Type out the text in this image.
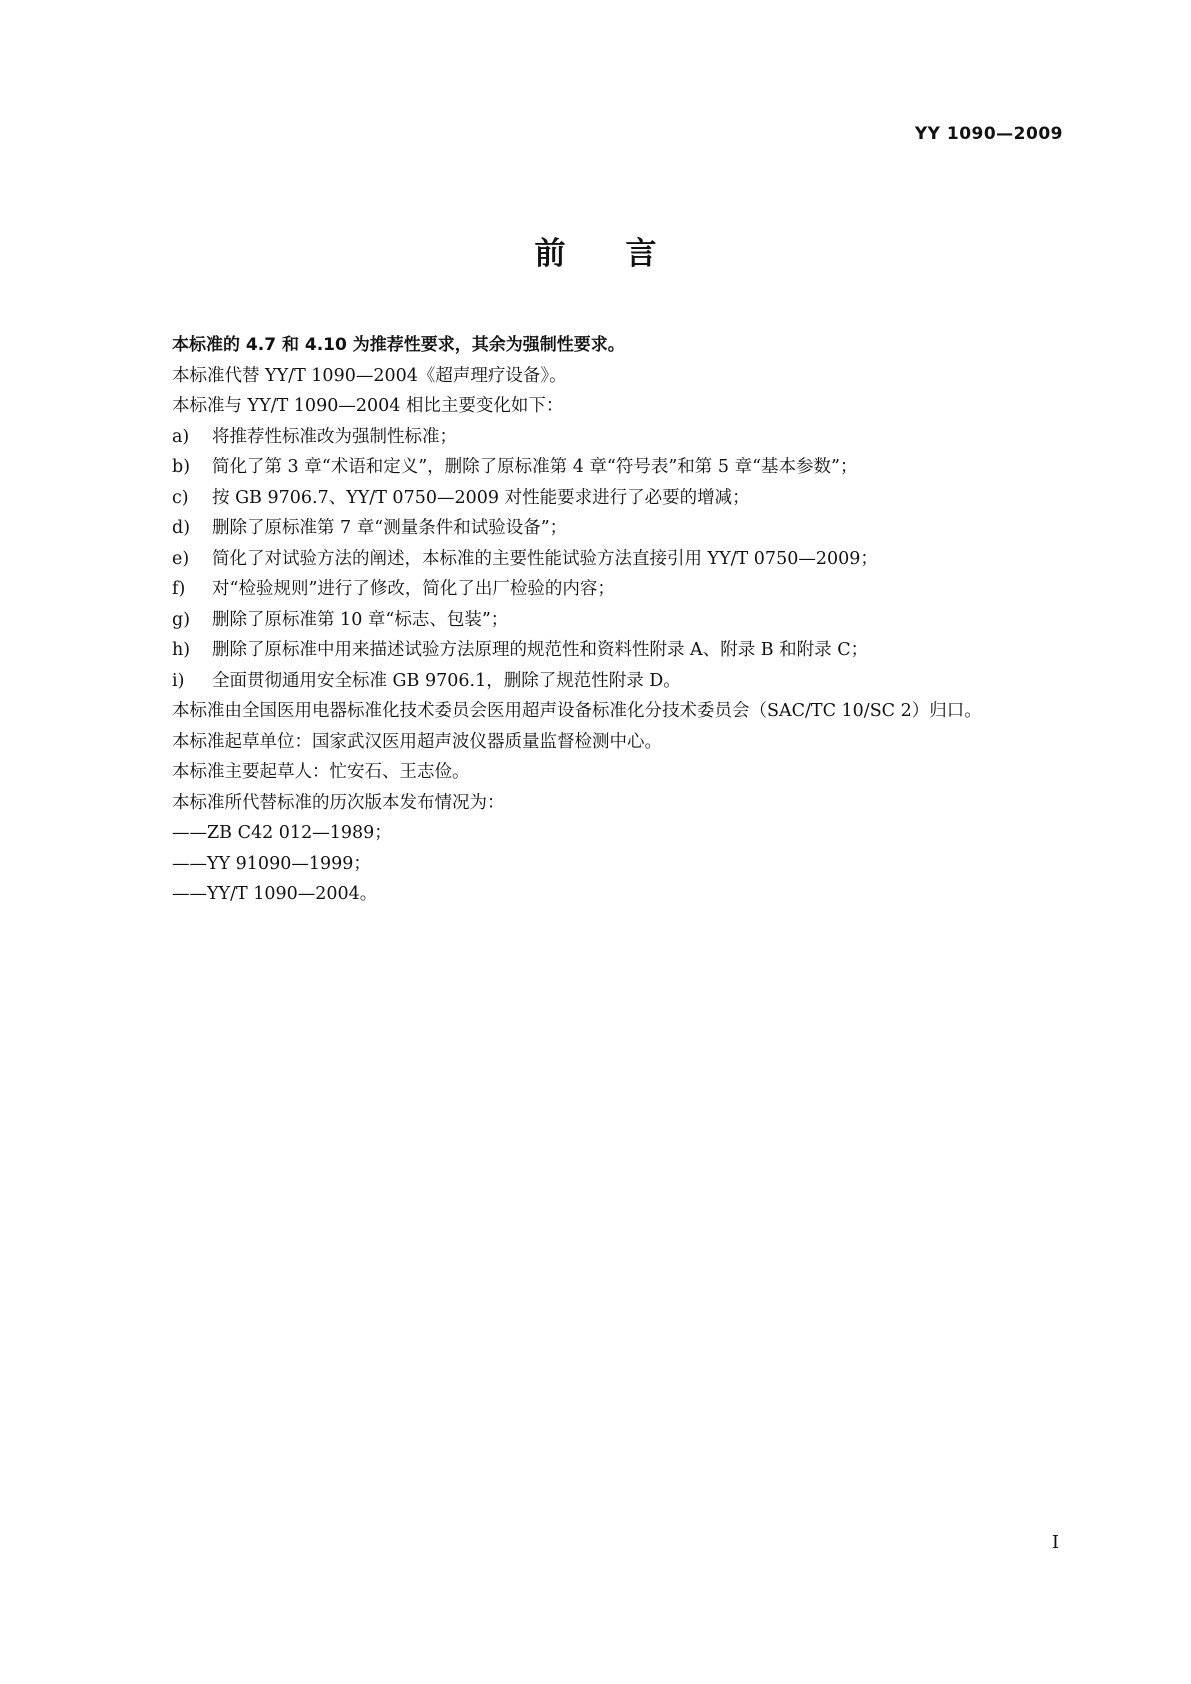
YY 1090—2009
前言

本标准的 4.7 和 4.10 为推荐性要求，其余为强制性要求。

本标准代替 YY/T 1090—2004《超声理疗设备》。

本标准与 YY/T 1090—2004 相比主要变化如下：

a) 将推荐性标准改为强制性标准；

b) 简化了第 3 章“术语和定义”，删除了原标准第 4 章“符号表”和第 5 章“基本参数”；

c) 按 GB 9706.7、YY/T 0750—2009 对性能要求进行了必要的增减；

d) 删除了原标准第 7 章“测量条件和试验设备”；

e) 简化了对试验方法的阐述，本标准的主要性能试验方法直接引用 YY/T 0750—2009；

f) 对“检验规则”进行了修改，简化了出厂检验的内容；

g) 删除了原标准第 10 章“标志、包装”；

h) 删除了原标准中用来描述试验方法原理的规范性和资料性附录 A、附录 B 和附录 C；

i) 全面贯彻通用安全标准 GB 9706.1，删除了规范性附录 D。

本标准由全国医用电器标准化技术委员会医用超声设备标准化分技术委员会（SAC/TC 10/SC 2）归口。

本标准起草单位：国家武汉医用超声波仪器质量监督检测中心。

本标准主要起草人：忙安石、王志俭。

本标准所代替标准的历次版本发布情况为：

——ZB C42 012—1989；

——YY 91090—1999；

——YY/T 1090—2004。

I
